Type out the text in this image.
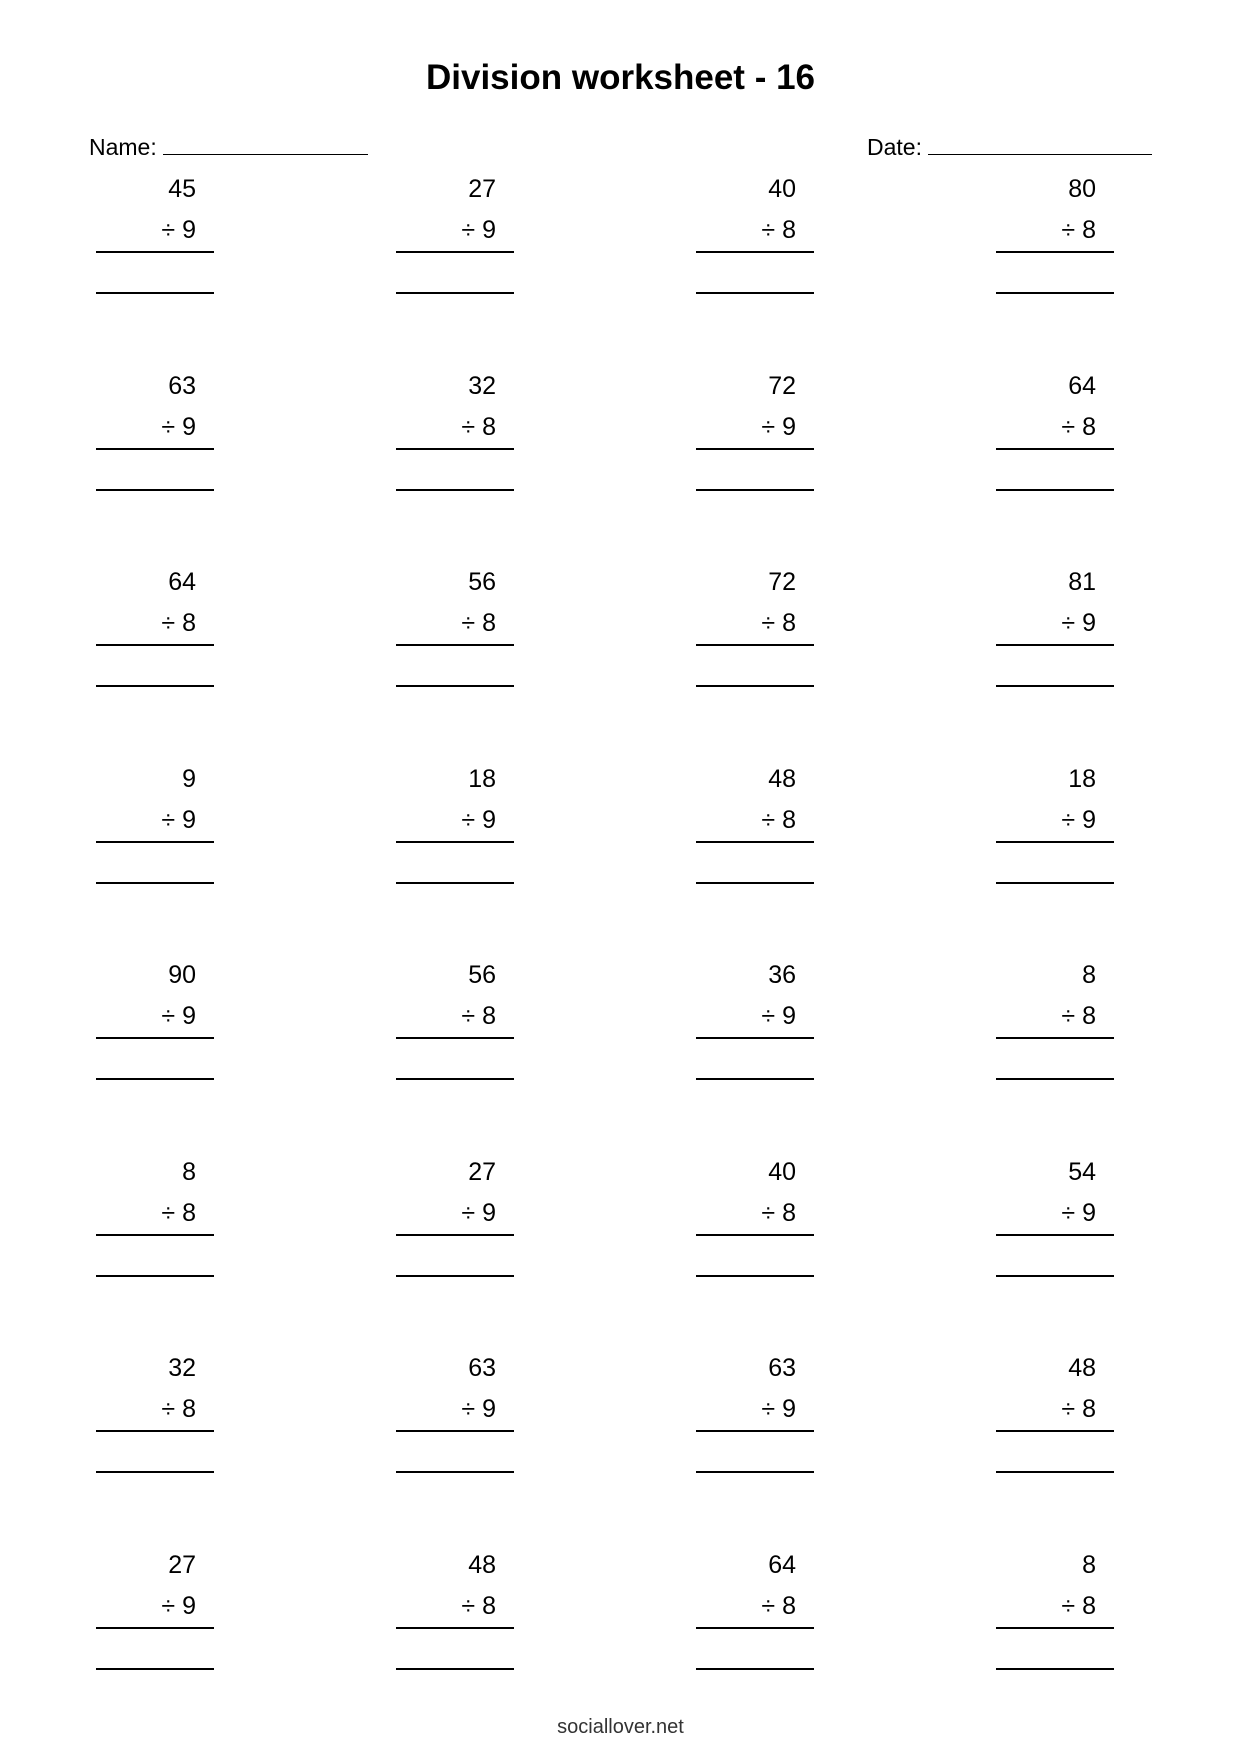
Division worksheet - 16
Name:	Date:
45
÷ 9
27
÷ 9
40
÷ 8
80
÷ 8
63
÷ 9
32
÷ 8
72
÷ 9
64
÷ 8
64
÷ 8
56
÷ 8
72
÷ 8
81
÷ 9
9
÷ 9
18
÷ 9
48
÷ 8
18
÷ 9
90
÷ 9
56
÷ 8
36
÷ 9
8
÷ 8
8
÷ 8
27
÷ 9
40
÷ 8
54
÷ 9
32
÷ 8
63
÷ 9
63
÷ 9
48
÷ 8
27
÷ 9
48
÷ 8
64
÷ 8
8
÷ 8
sociallover.net
